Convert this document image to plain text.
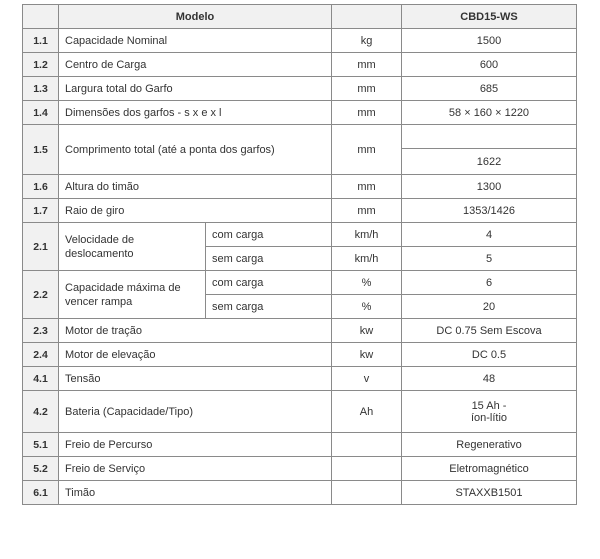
	Modelo			CBD15-WS
1.1	Capacidade Nominal		kg	1500
1.2	Centro de Carga		mm	600
1.3	Largura total do Garfo		mm	685
1.4	Dimensões dos garfos - s x e x l		mm	58 × 160 × 1220
1.5	Comprimento total (até a ponta dos garfos)		mm	
				1622
1.6	Altura do timão		mm	1300
1.7	Raio de giro		mm	1353/1426
2.1	Velocidade de deslocamento	com carga	km/h	4
		sem carga	km/h	5
2.2	Capacidade máxima de vencer rampa	com carga	%	6
		sem carga	%	20
2.3	Motor de tração		kw	DC 0.75 Sem Escova
2.4	Motor de elevação		kw	DC 0.5
4.1	Tensão		v	48
4.2	Bateria (Capacidade/Tipo)		Ah	15 Ah - íon-lítio
5.1	Freio de Percurso			Regenerativo
5.2	Freio de Serviço			Eletromagnético
6.1	Timão			STAXXB1501
